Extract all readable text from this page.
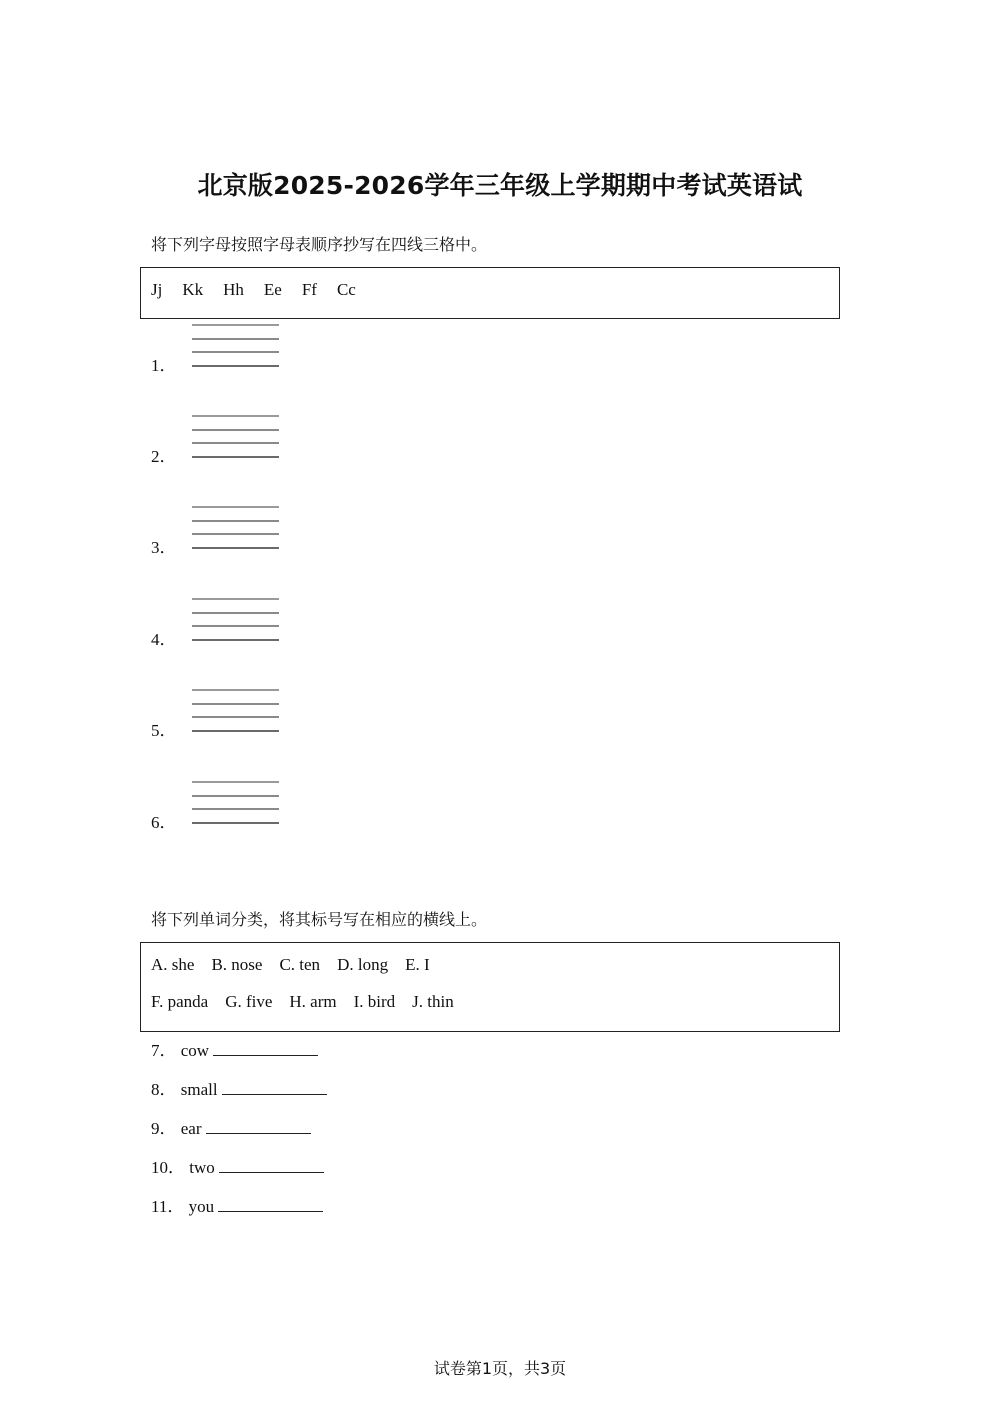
北京版2025-2026学年三年级上学期期中考试英语试
将下列字母按照字母表顺序抄写在四线三格中。
Jj Kk Hh Ee Ff Cc
1．
2．
3．
4．
5．
6．
将下列单词分类，将其标号写在相应的横线上。
A. she B. nose C. ten D. long E. I
F. panda G. five H. arm I. bird J. thin
7． cow
8． small
9． ear
10． two
11． you
试卷第1页，共3页
